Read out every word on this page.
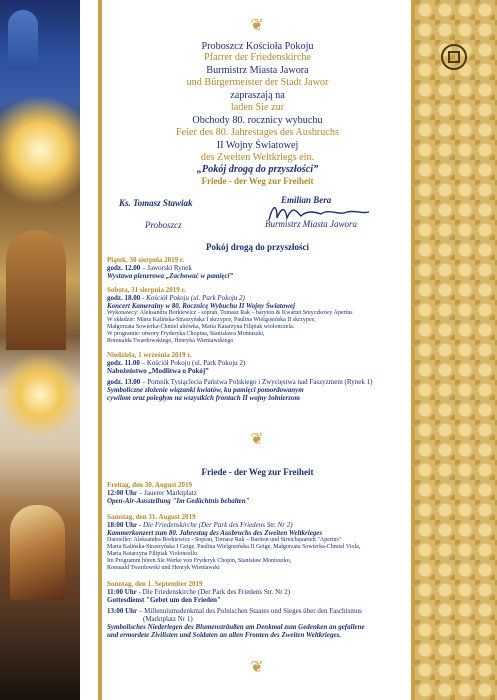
❦
Proboszcz Kościoła Pokoju
Pfarrer der Friedenskirche
Burmistrz Miasta Jawora
und Bürgermeister der Stadt Jawor
zapraszają na
laden Sie zur
Obchody 80. rocznicy wybuchu
Feier des 80. Jahrestages des Ausbruchs
II Wojny Światowej
des Zweiten Weltkriegs ein.
„Pokój drogą do przyszłości”
Friede - der Weg zur Freiheit
Ks. Tomasz Stawiak
Proboszcz
Emilian Bera
Burmistrz Miasta Jawora
Pokój drogą do przyszłości
Piątek, 30 sierpnia 2019 r.
godz. 12.00 – Jaworski Rynek
Wystawa plenerowa „Zachować w pamięci”
Sobota, 31 sierpnia 2019 r.
godz. 18.00 - Kościół Pokoju (ul. Park Pokoju 2)
Koncert Kameralny w 80. Rocznicę Wybuchu II Wojny Światowej
Wykonawcy: Aleksandra Borkiewicz - sopran, Tomasz Rak – baryton & Kwartet Smyczkowy Apertus
W składzie: Marta Kalińska-Straszyńska I skrzypce, Paulina Wielgosińska II skrzypce,
Małgorzata Sowierka-Chmiel altówka, Maria Katarzyna Filipiak wiolonczela.
W programie: utwory Fryderyka Chopina, Stanisława Moniuszki,
Romualda Twardowskiego, Henryka Wieniawskiego
Niedziela, 1 września 2019 r.
godz. 11.00 – Kościół Pokoju (ul. Park Pokoju 2)
Nabożeństwo „Modlitwa o Pokój”
godz. 13.00 – Pomnik Tysiąclecia Państwa Polskiego i Zwycięstwa nad Faszyzmem (Rynek 1)
Symboliczne złożenie wiązanki kwiatów, ku pamięci pomordowanym
cywilom oraz poległym na wszystkich frontach II wojny żołnierzom
❦
Friede - der Weg zur Freiheit
Freitag, den 30. August 2019
12:00 Uhr – Jauerer Marktplatz
Open-Air-Ausstellung "Im Gedächtnis behalten"
Samstag, den 31. August 2019
18:00 Uhr - Die Friedenskirche (Der Park des Friedens Str. Nr 2)
Kammerkonzert zum 80. Jahrestag des Ausbruchs des Zweiten Weltkrieges
Darsteller: Aleksandra Borkiewicz - Sopran, Tomasz Rak – Bariton und Streichquartett "Apertus"
Marta Kalińska-Straszyńska I Geige, Paulina Wielgosińska II Geige, Małgorzata Sowierka-Chmiel Viola,
Maria Katarzyna Filipiak Violoncello.
Im Programm hören Sie Werke von Fryderyk Chopin, Stanisław Moniuszko,
Romuald Twardowski und Henryk Wieniawski
Sonntag, den 1. September 2019
11:00 Uhr - Die Friedenskirche (Der Park des Friedens Str. Nr 2)
Gottesdienst "Gebet um den Frieden"
13:00 Uhr – Millenniumsdenkmal des Polnischen Staates und Sieges über den Faschismus
(Marktplatz Nr 1)
Symbolisches Niederlegen des Blumensträußen am Denkmal zum Gedenken an gefallene
und ermordete Zivilisten und Soldaten an allen Fronten des Zweiten Weltkrieges.
❦
